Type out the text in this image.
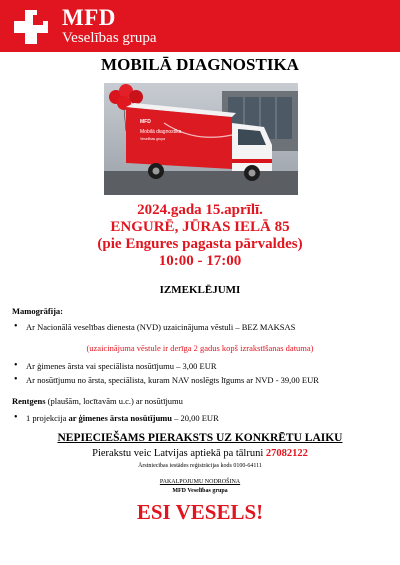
MFD
Veselības grupa
MOBILĀ DIAGNOSTIKA
MFD
Mobilā diagnostika
Veselības grupa
2024.gada 15.aprīlī.
ENGURĒ, JŪRAS IELĀ 85
(pie Engures pagasta pārvaldes)
10:00 - 17:00
IZMEKLĒJUMI
Mamogrāfija:
• Ar Nacionālā veselības dienesta (NVD) uzaicinājuma vēstuli – BEZ MAKSAS
(uzaicinājuma vēstule ir derīga 2 gadus kopš izrakstīšanas datuma)
• Ar ģimenes ārsta vai speciālista nosūtījumu – 3,00 EUR
• Ar nosūtījumu no ārsta, speciālista, kuram NAV noslēgts līgums ar NVD - 39,00 EUR
Rentgens (plaušām, locītavām u.c.) ar nosūtījumu
• 1 projekcija ar ģimenes ārsta nosūtījumu – 20,00 EUR
NEPIECIEŠAMS PIERAKSTS UZ KONKRĒTU LAIKU
Pierakstu veic Latvijas aptiekā pa tālruni 27082122
Ārstniecības iestādes reģistrācijas kods 0100-64111
PAKALPOJUMU NODROŠINA
MFD Veselības grupa
ESI VESELS!
